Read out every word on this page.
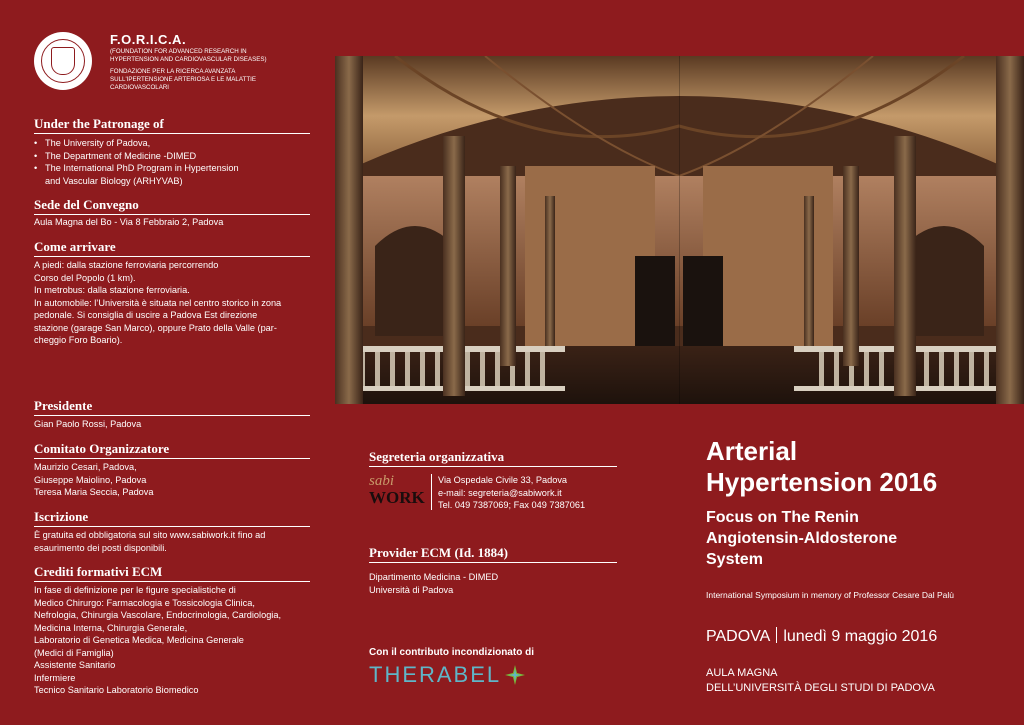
F.O.R.I.C.A.
(FOUNDATION FOR ADVANCED RESEARCH IN
HYPERTENSION AND CARDIOVASCULAR DISEASES)
FONDAZIONE PER LA RICERCA AVANZATA
SULL'IPERTENSIONE ARTERIOSA E LE MALATTIE
CARDIOVASCOLARI
Under the Patronage of
• The University of Padova,
• The Department of Medicine -DIMED
• The International PhD Program in Hypertension
and Vascular Biology (ARHYVAB)
Sede del Convegno
Aula Magna del Bo - Via 8 Febbraio 2, Padova
Come arrivare
A piedi: dalla stazione ferroviaria percorrendo
Corso del Popolo (1 km).
In metrobus: dalla stazione ferroviaria.
In automobile: l’Università è situata nel centro storico in zona
pedonale. Si consiglia di uscire a Padova Est direzione
stazione (garage San Marco), oppure Prato della Valle (par-
cheggio Foro Boario).
Presidente
Gian Paolo Rossi, Padova
Comitato Organizzatore
Maurizio Cesari, Padova,
Giuseppe Maiolino, Padova
Teresa Maria Seccia, Padova
Iscrizione
È gratuita ed obbligatoria sul sito www.sabiwork.it fino ad
esaurimento dei posti disponibili.
Crediti formativi ECM
In fase di definizione per le figure specialistiche di
Medico Chirurgo: Farmacologia e Tossicologia Clinica,
Nefrologia, Chirurgia Vascolare, Endocrinologia, Cardiologia,
Medicina Interna, Chirurgia Generale,
Laboratorio di Genetica Medica, Medicina Generale
(Medici di Famiglia)
Assistente Sanitario
Infermiere
Tecnico Sanitario Laboratorio Biomedico
Segreteria organizzativa
sabi
WORK
Via Ospedale Civile 33, Padova
e-mail: segreteria@sabiwork.it
Tel. 049 7387069; Fax 049 7387061
Provider ECM (Id. 1884)
Dipartimento Medicina - DIMED
Università di Padova
Con il contributo incondizionato di
THERABEL
Arterial
Hypertension 2016
Focus on The Renin
Angiotensin-Aldosterone
System
International Symposium in memory of Professor Cesare Dal Palù
PADOVA lunedì 9 maggio 2016
AULA MAGNA
DELL’UNIVERSITÀ DEGLI STUDI DI PADOVA
